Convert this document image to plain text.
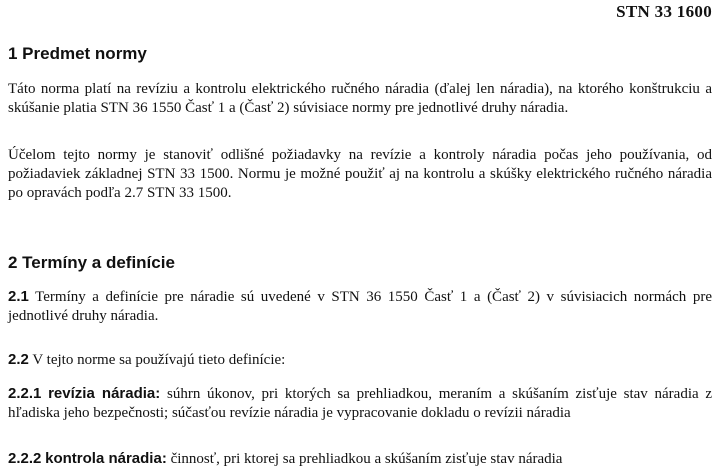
STN 33 1600
1 Predmet normy

Táto norma platí na revíziu a kontrolu elektrického ručného náradia (ďalej len náradia), na ktorého konštrukciu a skúšanie platia STN 36 1550 Časť 1 a (Časť 2) súvisiace normy pre jednotlivé druhy náradia.

Účelom tejto normy je stanoviť odlišné požiadavky na revízie a kontroly náradia počas jeho používania, od požiadaviek základnej STN 33 1500. Normu je možné použiť aj na kontrolu a skúšky elektrického ručného náradia po opravách podľa 2.7 STN 33 1500.

2 Termíny a definície

2.1 Termíny a definície pre náradie sú uvedené v STN 36 1550 Časť 1 a (Časť 2) v súvisiacich normách pre jednotlivé druhy náradia.

2.2 V tejto norme sa používajú tieto definície:

2.2.1 revízia náradia: súhrn úkonov, pri ktorých sa prehliadkou, meraním a skúšaním zisťuje stav náradia z hľadiska jeho bezpečnosti; súčasťou revízie náradia je vypracovanie dokladu o revízii náradia

2.2.2 kontrola náradia: činnosť, pri ktorej sa prehliadkou a skúšaním zisťuje stav náradia
